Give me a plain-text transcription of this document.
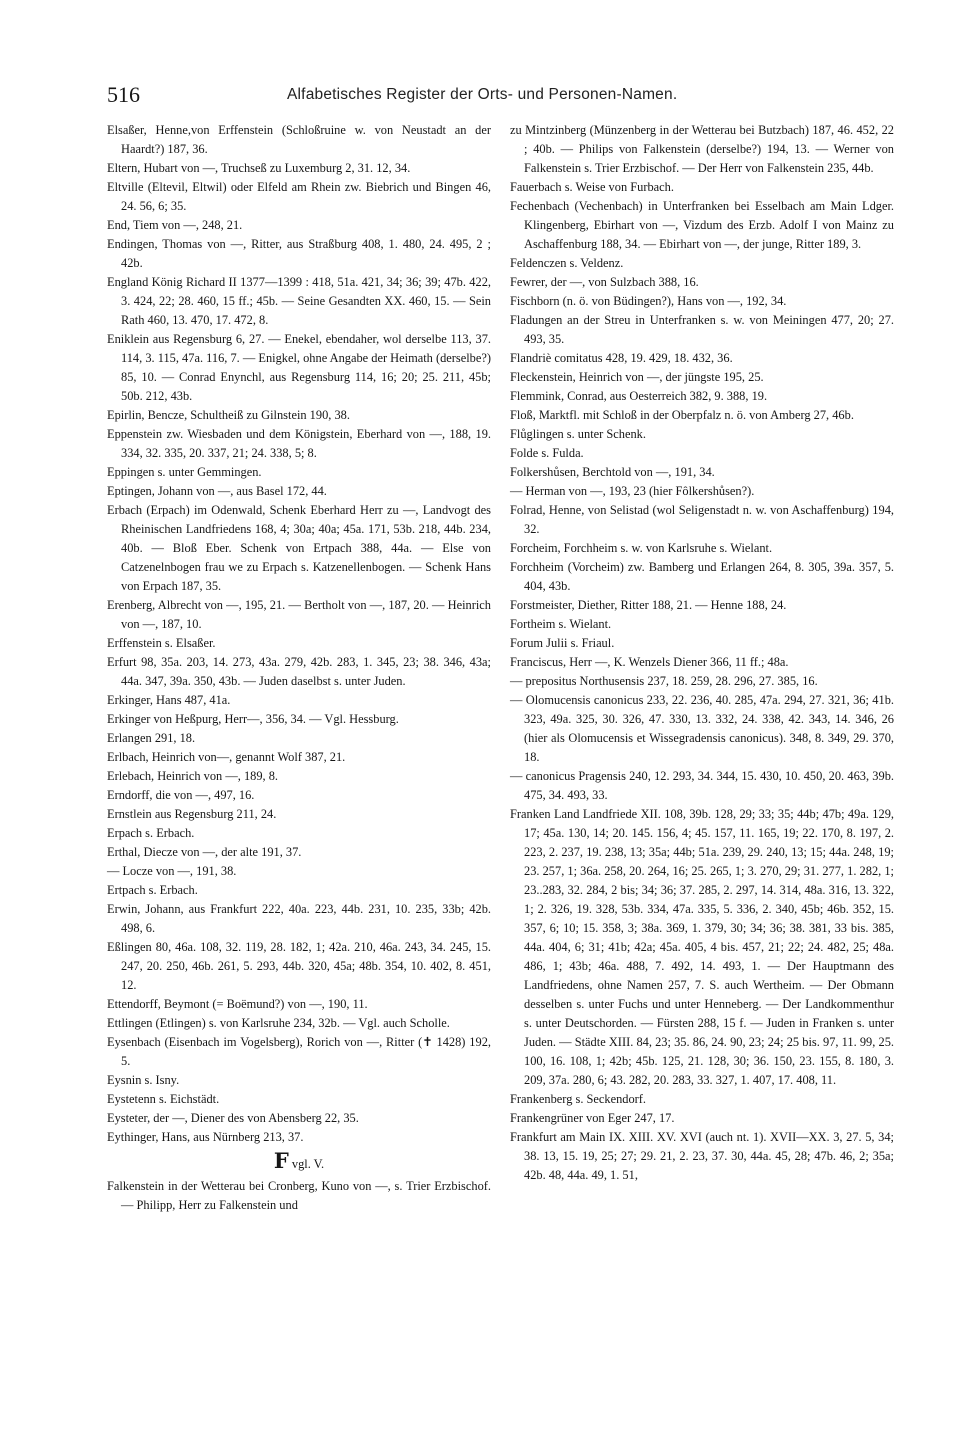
516	Alfabetisches Register der Orts- und Personen-Namen.

Elsaßer, Henne,von Erffenstein (Schloßruine w. von Neustadt an der Haardt?) 187, 36.

Eltern, Hubart von —, Truchseß zu Luxemburg 2, 31. 12, 34.

Eltville (Eltevil, Eltwil) oder Elfeld am Rhein zw. Biebrich und Bingen 46, 24. 56, 6; 35.

End, Tiem von —, 248, 21.

Endingen, Thomas von —, Ritter, aus Straßburg 408, 1. 480, 24. 495, 2 ; 42b.

England König Richard II 1377—1399 : 418, 51a. 421, 34; 36; 39; 47b. 422, 3. 424, 22; 28. 460, 15 ff.; 45b. — Seine Gesandten XX. 460, 15. — Sein Rath 460, 13. 470, 17. 472, 8.

Eniklein aus Regensburg 6, 27. — Enekel, ebendaher, wol derselbe 113, 37. 114, 3. 115, 47a. 116, 7. — Enigkel, ohne Angabe der Heimath (derselbe?) 85, 10. — Conrad Enynchl, aus Regensburg 114, 16; 20; 25. 211, 45b; 50b. 212, 43b.

Epirlin, Bencze, Schultheiß zu Gilnstein 190, 38.

Eppenstein zw. Wiesbaden und dem Königstein, Eberhard von —, 188, 19. 334, 32. 335, 20. 337, 21; 24. 338, 5; 8.

Eppingen s. unter Gemmingen.

Eptingen, Johann von —, aus Basel 172, 44.

Erbach (Erpach) im Odenwald, Schenk Eberhard Herr zu —, Landvogt des Rheinischen Landfriedens 168, 4; 30a; 40a; 45a. 171, 53b. 218, 44b. 234, 40b. — Bloß Eber. Schenk von Ertpach 388, 44a. — Else von Catzenelnbogen frau we zu Erpach s. Katzenellenbogen. — Schenk Hans von Erpach 187, 35.

Erenberg, Albrecht von —, 195, 21. — Bertholt von —, 187, 20. — Heinrich von —, 187, 10.

Erffenstein s. Elsaßer.

Erfurt 98, 35a. 203, 14. 273, 43a. 279, 42b. 283, 1. 345, 23; 38. 346, 43a; 44a. 347, 39a. 350, 43b. — Juden daselbst s. unter Juden.

Erkinger, Hans 487, 41a.

Erkinger von Heßpurg, Herr—, 356, 34. — Vgl. Hessburg.

Erlangen 291, 18.

Erlbach, Heinrich von—, genannt Wolf 387, 21.

Erlebach, Heinrich von —, 189, 8.

Erndorff, die von —, 497, 16.

Ernstlein aus Regensburg 211, 24.

Erpach s. Erbach.

Erthal, Diecze von —, der alte 191, 37.

— Locze von —, 191, 38.

Ertpach s. Erbach.

Erwin, Johann, aus Frankfurt 222, 40a. 223, 44b. 231, 10. 235, 33b; 42b. 498, 6.

Eßlingen 80, 46a. 108, 32. 119, 28. 182, 1; 42a. 210, 46a. 243, 34. 245, 15. 247, 20. 250, 46b. 261, 5. 293, 44b. 320, 45a; 48b. 354, 10. 402, 8. 451, 12.

Ettendorff, Beymont (= Boëmund?) von —, 190, 11.

Ettlingen (Etlingen) s. von Karlsruhe 234, 32b. — Vgl. auch Scholle.

Eysenbach (Eisenbach im Vogelsberg), Rorich von —, Ritter (✝ 1428) 192, 5.

Eysnin s. Isny.

Eystetenn s. Eichstädt.

Eysteter, der —, Diener des von Abensberg 22, 35.

Eythinger, Hans, aus Nürnberg 213, 37.

F vgl. V.

Falkenstein in der Wetterau bei Cronberg, Kuno von —, s. Trier Erzbischof. — Philipp, Herr zu Falkenstein und

zu Mintzinberg (Münzenberg in der Wetterau bei Butzbach) 187, 46. 452, 22 ; 40b. — Philips von Falkenstein (derselbe?) 194, 13. — Werner von Falkenstein s. Trier Erzbischof. — Der Herr von Falkenstein 235, 44b.

Fauerbach s. Weise von Furbach.

Fechenbach (Vechenbach) in Unterfranken bei Esselbach am Main Ldger. Klingenberg, Ebirhart von —, Vizdum des Erzb. Adolf I von Mainz zu Aschaffenburg 188, 34. — Ebirhart von —, der junge, Ritter 189, 3.

Feldenczen s. Veldenz.

Fewrer, der —, von Sulzbach 388, 16.

Fischborn (n. ö. von Büdingen?), Hans von —, 192, 34.

Fladungen an der Streu in Unterfranken s. w. von Meiningen 477, 20; 27. 493, 35.

Flandriè comitatus 428, 19. 429, 18. 432, 36.

Fleckenstein, Heinrich von —, der jüngste 195, 25.

Flemmink, Conrad, aus Oesterreich 382, 9. 388, 19.

Floß, Marktfl. mit Schloß in der Oberpfalz n. ö. von Amberg 27, 46b.

Flůglingen s. unter Schenk.

Folde s. Fulda.

Folkershůsen, Berchtold von —, 191, 34.

— Herman von —, 193, 23 (hier Fôlkershůsen?).

Folrad, Henne, von Selistad (wol Seligenstadt n. w. von Aschaffenburg) 194, 32.

Forcheim, Forchheim s. w. von Karlsruhe s. Wielant.

Forchheim (Vorcheim) zw. Bamberg und Erlangen 264, 8. 305, 39a. 357, 5. 404, 43b.

Forstmeister, Diether, Ritter 188, 21. — Henne 188, 24.

Fortheim s. Wielant.

Forum Julii s. Friaul.

Franciscus, Herr —, K. Wenzels Diener 366, 11 ff.; 48a.

— prepositus Northusensis 237, 18. 259, 28. 296, 27. 385, 16.

— Olomucensis canonicus 233, 22. 236, 40. 285, 47a. 294, 27. 321, 36; 41b. 323, 49a. 325, 30. 326, 47. 330, 13. 332, 24. 338, 42. 343, 14. 346, 26 (hier als Olomucensis et Wissegradensis canonicus). 348, 8. 349, 29. 370, 18.

— canonicus Pragensis 240, 12. 293, 34. 344, 15. 430, 10. 450, 20. 463, 39b. 475, 34. 493, 33.

Franken Land Landfriede XII. 108, 39b. 128, 29; 33; 35; 44b; 47b; 49a. 129, 17; 45a. 130, 14; 20. 145. 156, 4; 45. 157, 11. 165, 19; 22. 170, 8. 197, 2. 223, 2. 237, 19. 238, 13; 35a; 44b; 51a. 239, 29. 240, 13; 15; 44a. 248, 19; 23. 257, 1; 36a. 258, 20. 264, 16; 25. 265, 1; 3. 270, 29; 31. 277, 1. 282, 1; 23..283, 32. 284, 2 bis; 34; 36; 37. 285, 2. 297, 14. 314, 48a. 316, 13. 322, 1; 2. 326, 19. 328, 53b. 334, 47a. 335, 5. 336, 2. 340, 45b; 46b. 352, 15. 357, 6; 10; 15. 358, 3; 38a. 369, 1. 379, 30; 34; 36; 38. 381, 33 bis. 385, 44a. 404, 6; 31; 41b; 42a; 45a. 405, 4 bis. 457, 21; 22; 24. 482, 25; 48a. 486, 1; 43b; 46a. 488, 7. 492, 14. 493, 1. — Der Hauptmann des Landfriedens, ohne Namen 257, 7. S. auch Wertheim. — Der Obmann desselben s. unter Fuchs und unter Henneberg. — Der Landkommenthur s. unter Deutschorden. — Fürsten 288, 15 f. — Juden in Franken s. unter Juden. — Städte XIII. 84, 23; 35. 86, 24. 90, 23; 24; 25 bis. 97, 11. 99, 25. 100, 16. 108, 1; 42b; 45b. 125, 21. 128, 30; 36. 150, 23. 155, 8. 180, 3. 209, 37a. 280, 6; 43. 282, 20. 283, 33. 327, 1. 407, 17. 408, 11.

Frankenberg s. Seckendorf.

Frankengrüner von Eger 247, 17.

Frankfurt am Main IX. XIII. XV. XVI (auch nt. 1). XVII—XX. 3, 27. 5, 34; 38. 13, 15. 19, 25; 27; 29. 21, 2. 23, 37. 30, 44a. 45, 28; 47b. 46, 2; 35a; 42b. 48, 44a. 49, 1. 51,
